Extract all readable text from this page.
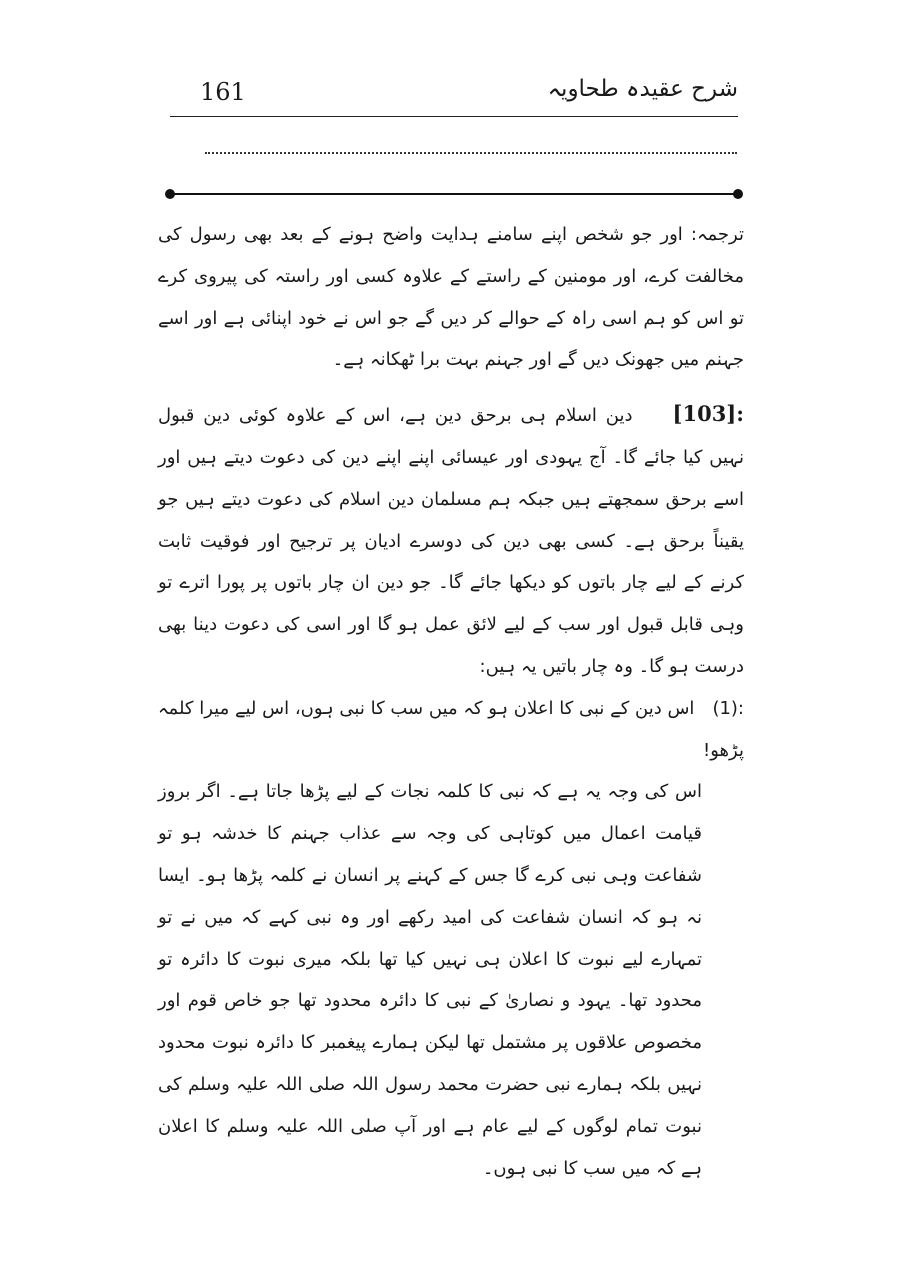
161	شرح عقیدہ طحاویہ

ترجمہ: اور جو شخص اپنے سامنے ہدایت واضح ہونے کے بعد بھی رسول کی مخالفت کرے، اور مومنین کے راستے کے علاوہ کسی اور راستہ کی پیروی کرے تو اس کو ہم اسی راہ کے حوالے کر دیں گے جو اس نے خود اپنائی ہے اور اسے جہنم میں جھونک دیں گے اور جہنم بہت برا ٹھکانہ ہے۔

[103]:دین اسلام ہی برحق دین ہے، اس کے علاوہ کوئی دین قبول نہیں کیا جائے گا۔ آج یہودی اور عیسائی اپنے اپنے دین کی دعوت دیتے ہیں اور اسے برحق سمجھتے ہیں جبکہ ہم مسلمان دین اسلام کی دعوت دیتے ہیں جو یقیناً برحق ہے۔ کسی بھی دین کی دوسرے ادیان پر ترجیح اور فوقیت ثابت کرنے کے لیے چار باتوں کو دیکھا جائے گا۔ جو دین ان چار باتوں پر پورا اترے تو وہی قابل قبول اور سب کے لیے لائق عمل ہو گا اور اسی کی دعوت دینا بھی درست ہو گا۔ وہ چار باتیں یہ ہیں:

(1):اس دین کے نبی کا اعلان ہو کہ میں سب کا نبی ہوں، اس لیے میرا کلمہ پڑھو!

اس کی وجہ یہ ہے کہ نبی کا کلمہ نجات کے لیے پڑھا جاتا ہے۔ اگر بروز قیامت اعمال میں کوتاہی کی وجہ سے عذاب جہنم کا خدشہ ہو تو شفاعت وہی نبی کرے گا جس کے کہنے پر انسان نے کلمہ پڑھا ہو۔ ایسا نہ ہو کہ انسان شفاعت کی امید رکھے اور وہ نبی کہے کہ میں نے تو تمہارے لیے نبوت کا اعلان ہی نہیں کیا تھا بلکہ میری نبوت کا دائرہ تو محدود تھا۔ یہود و نصاریٰ کے نبی کا دائرہ محدود تھا جو خاص قوم اور مخصوص علاقوں پر مشتمل تھا لیکن ہمارے پیغمبر کا دائرہ نبوت محدود نہیں بلکہ ہمارے نبی حضرت محمد رسول اللہ صلی اللہ علیہ وسلم کی نبوت تمام لوگوں کے لیے عام ہے اور آپ صلی اللہ علیہ وسلم کا اعلان ہے کہ میں سب کا نبی ہوں۔
